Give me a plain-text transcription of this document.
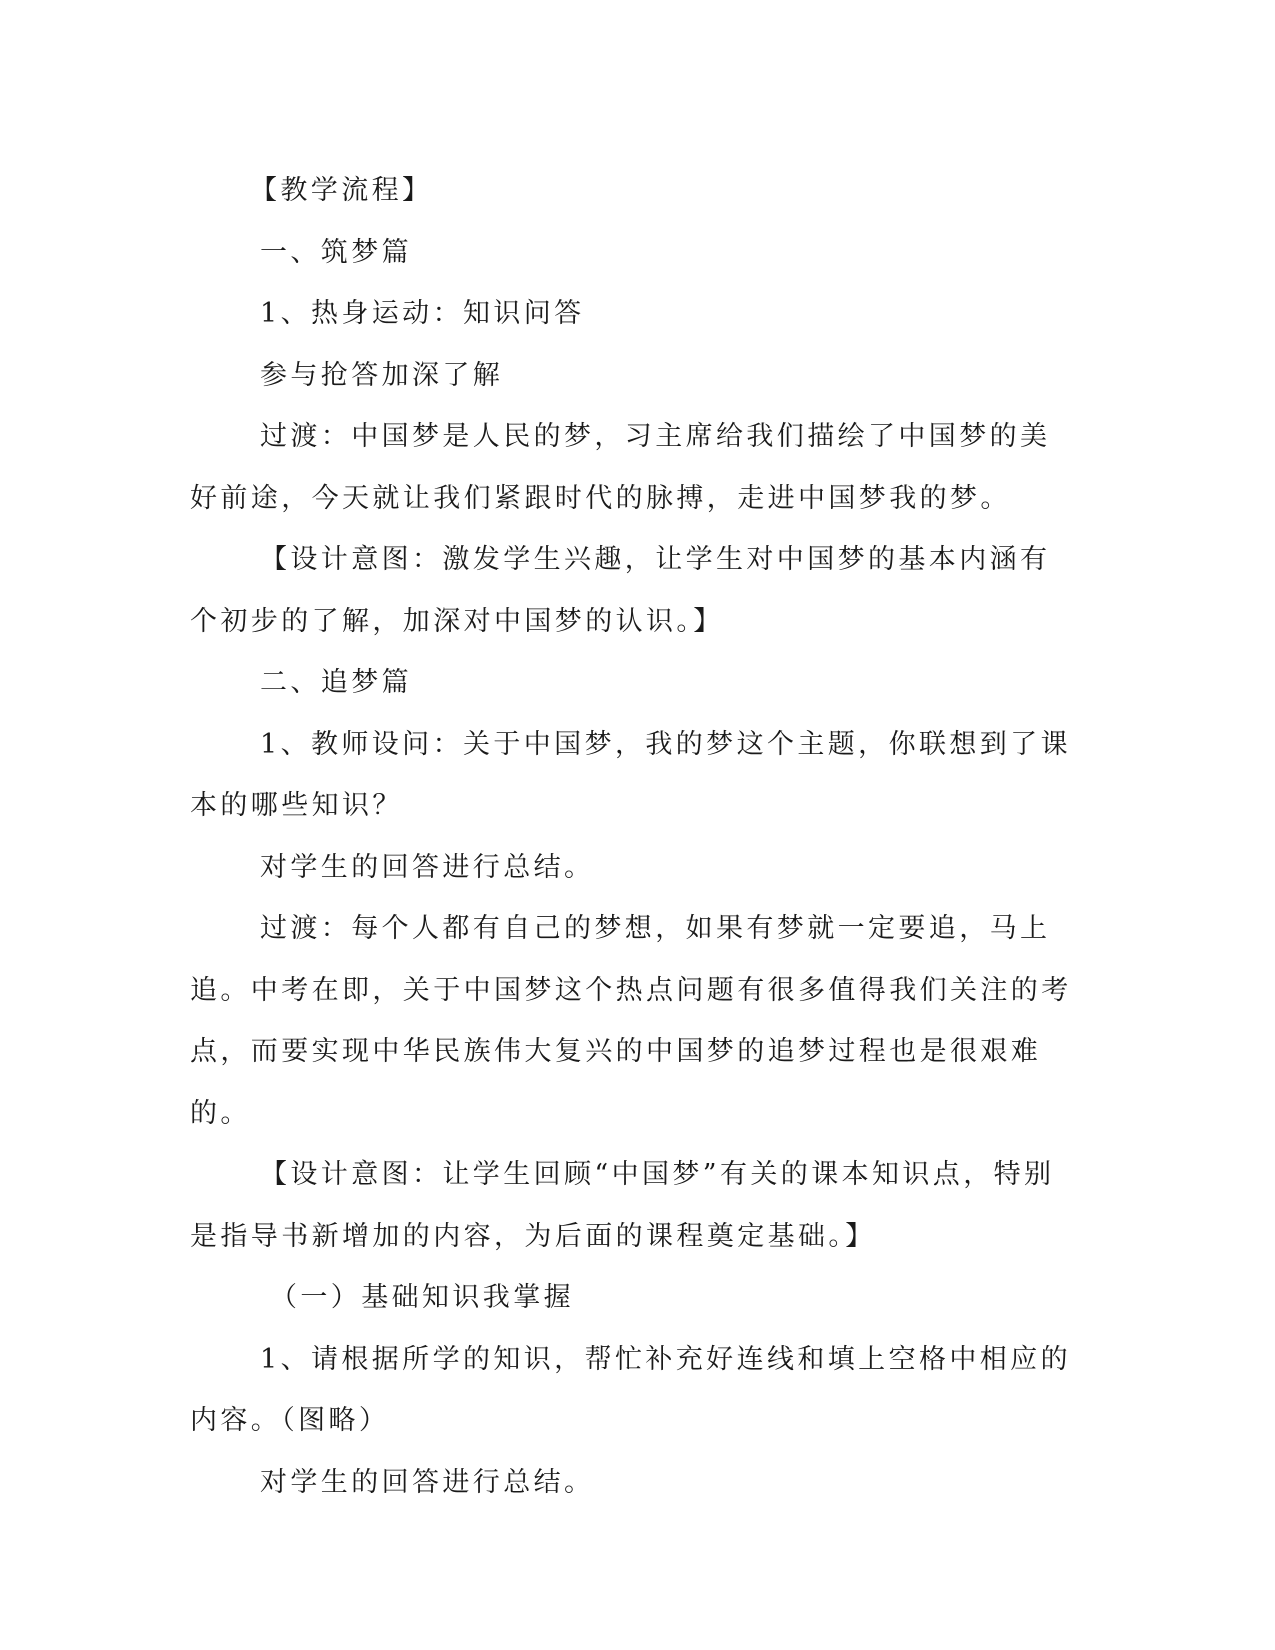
【教学流程】

一、筑梦篇

1、热身运动：知识问答

参与抢答加深了解

过渡：中国梦是人民的梦，习主席给我们描绘了中国梦的美好前途，今天就让我们紧跟时代的脉搏，走进中国梦我的梦。

【设计意图：激发学生兴趣，让学生对中国梦的基本内涵有个初步的了解，加深对中国梦的认识。】

二、追梦篇

1、教师设问：关于中国梦，我的梦这个主题，你联想到了课本的哪些知识？

对学生的回答进行总结。

过渡：每个人都有自己的梦想，如果有梦就一定要追，马上追。中考在即，关于中国梦这个热点问题有很多值得我们关注的考点，而要实现中华民族伟大复兴的中国梦的追梦过程也是很艰难的。

【设计意图：让学生回顾“中国梦”有关的课本知识点，特别是指导书新增加的内容，为后面的课程奠定基础。】

（一）基础知识我掌握

1、请根据所学的知识，帮忙补充好连线和填上空格中相应的内容。（图略）

对学生的回答进行总结。
